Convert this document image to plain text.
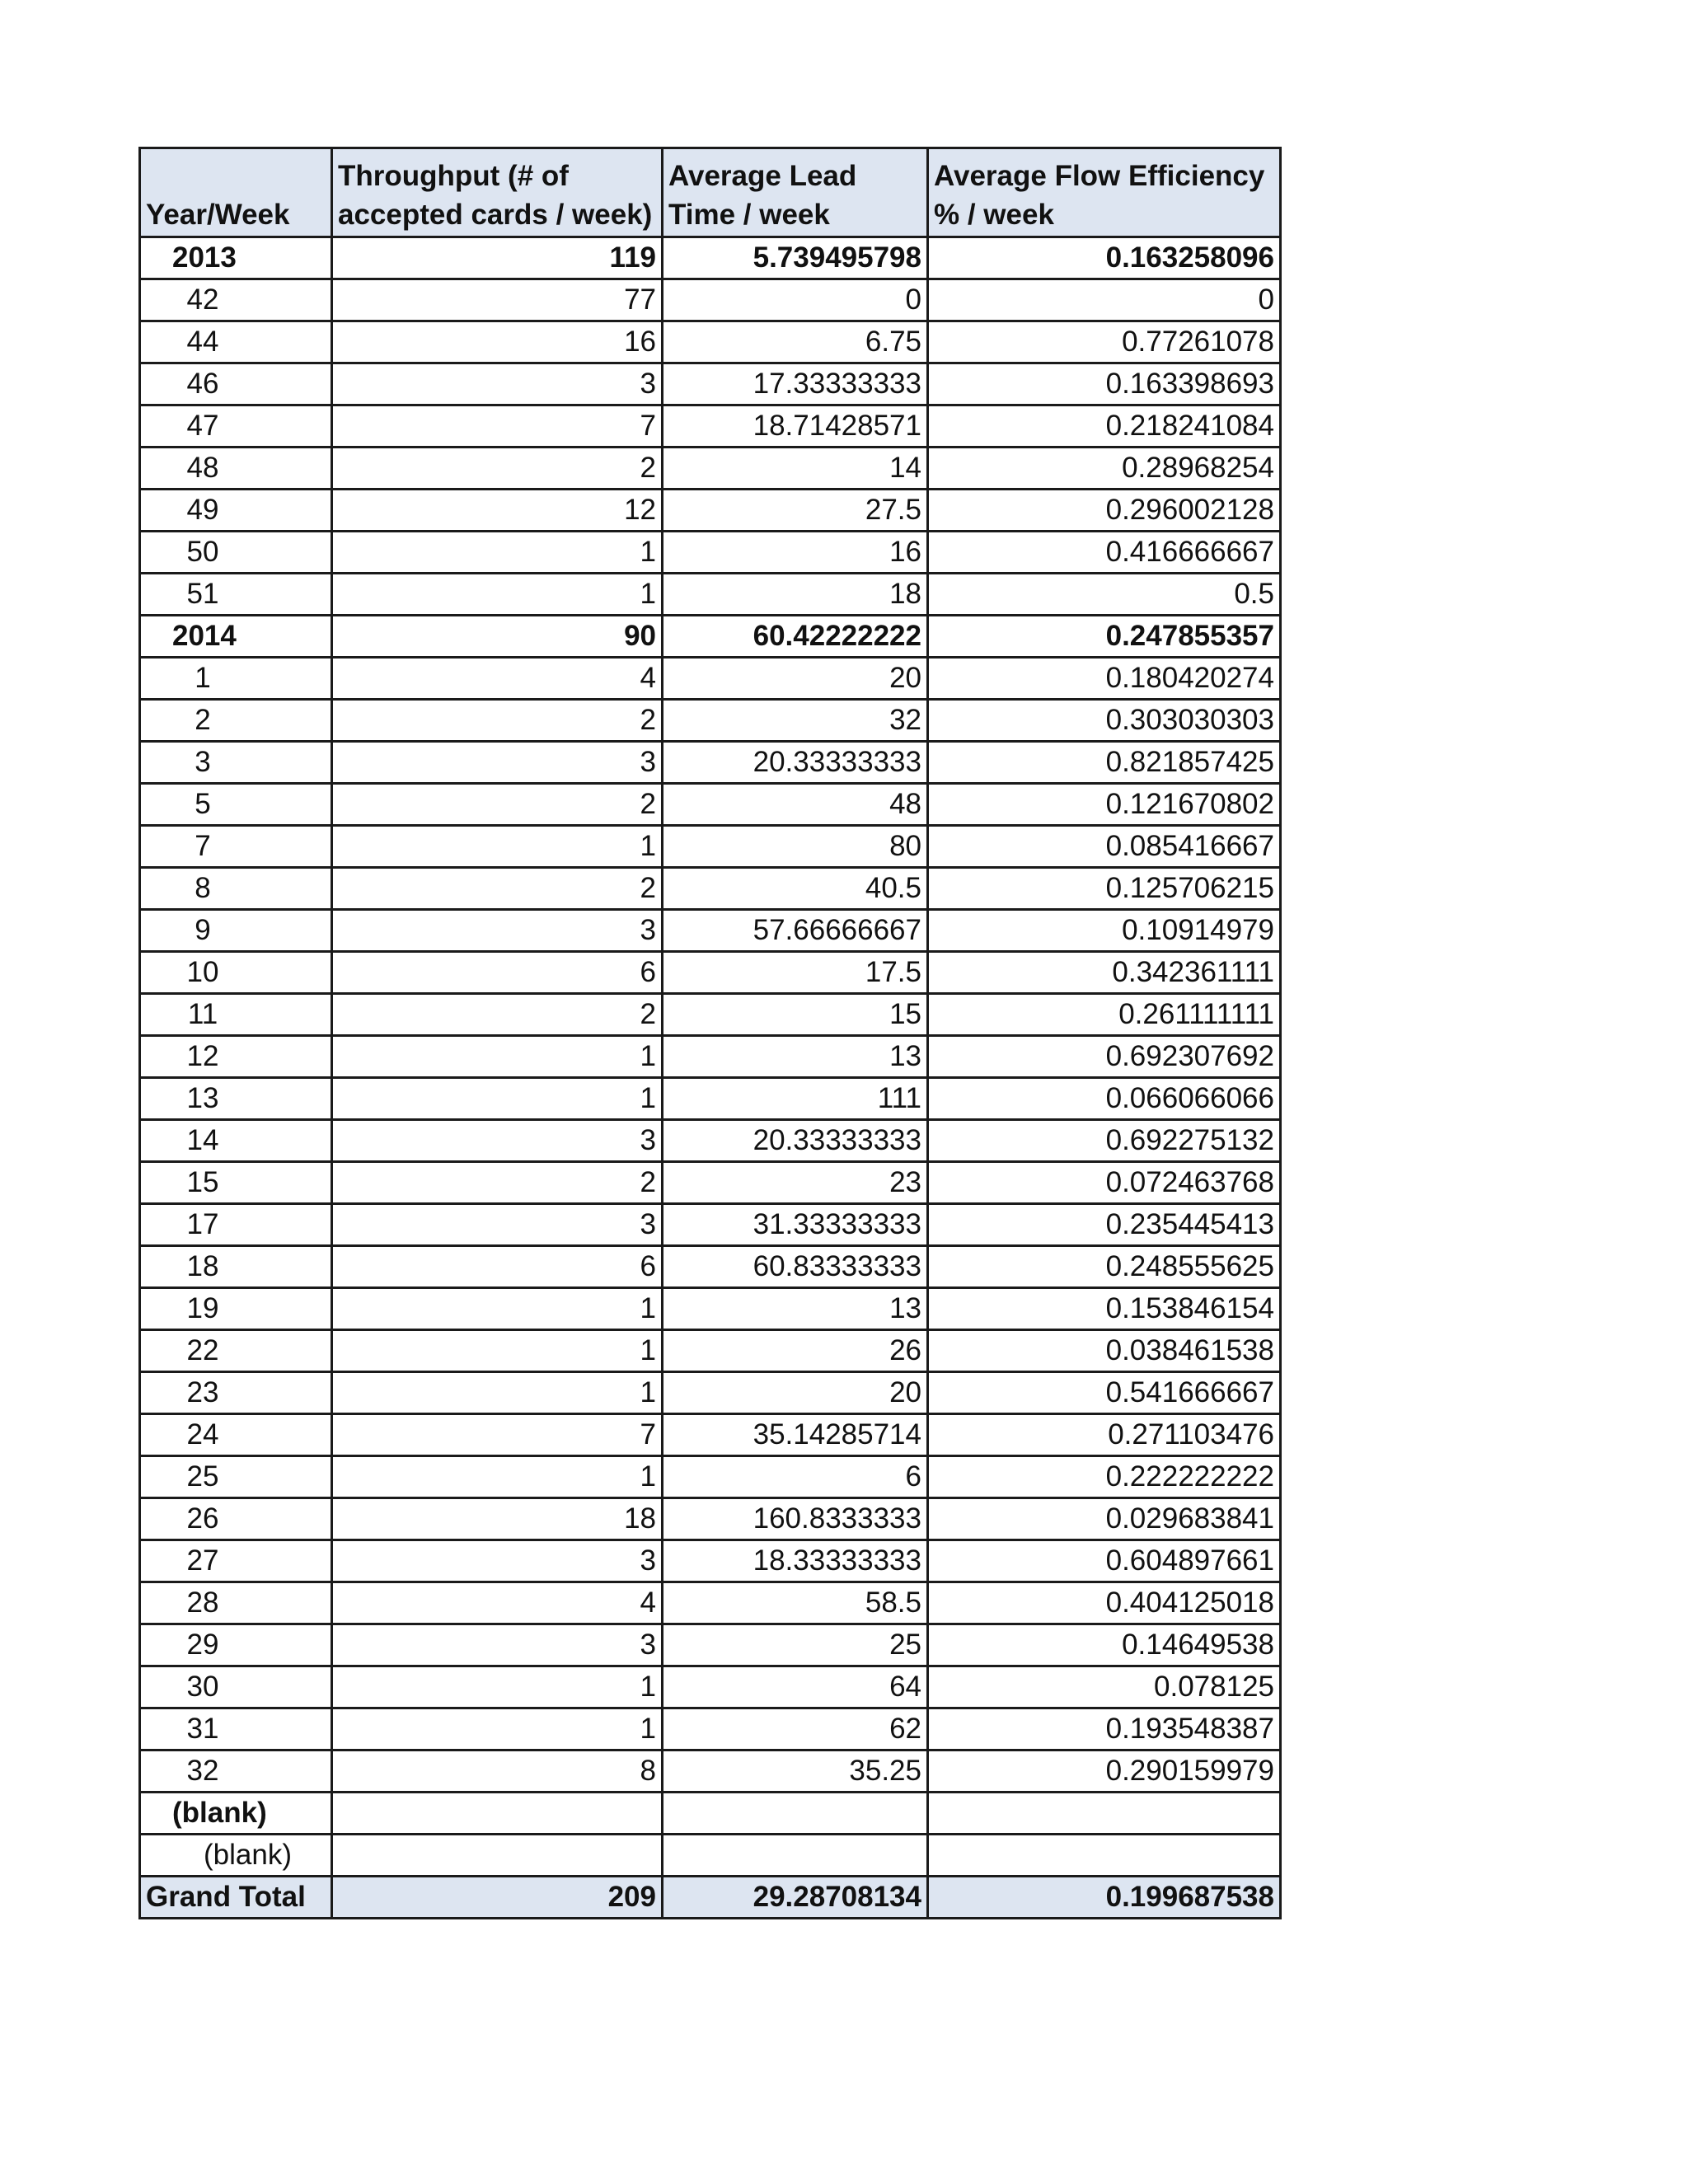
Year/Week	Throughput (# of accepted cards / week)	Average Lead Time / week	Average Flow Efficiency % / week
2013	119	5.739495798	0.163258096
42	77	0	0
44	16	6.75	0.77261078
46	3	17.33333333	0.163398693
47	7	18.71428571	0.218241084
48	2	14	0.28968254
49	12	27.5	0.296002128
50	1	16	0.416666667
51	1	18	0.5
2014	90	60.42222222	0.247855357
1	4	20	0.180420274
2	2	32	0.303030303
3	3	20.33333333	0.821857425
5	2	48	0.121670802
7	1	80	0.085416667
8	2	40.5	0.125706215
9	3	57.66666667	0.10914979
10	6	17.5	0.342361111
11	2	15	0.261111111
12	1	13	0.692307692
13	1	111	0.066066066
14	3	20.33333333	0.692275132
15	2	23	0.072463768
17	3	31.33333333	0.235445413
18	6	60.83333333	0.248555625
19	1	13	0.153846154
22	1	26	0.038461538
23	1	20	0.541666667
24	7	35.14285714	0.271103476
25	1	6	0.222222222
26	18	160.8333333	0.029683841
27	3	18.33333333	0.604897661
28	4	58.5	0.404125018
29	3	25	0.14649538
30	1	64	0.078125
31	1	62	0.193548387
32	8	35.25	0.290159979
(blank)			
(blank)			
Grand Total	209	29.28708134	0.199687538
